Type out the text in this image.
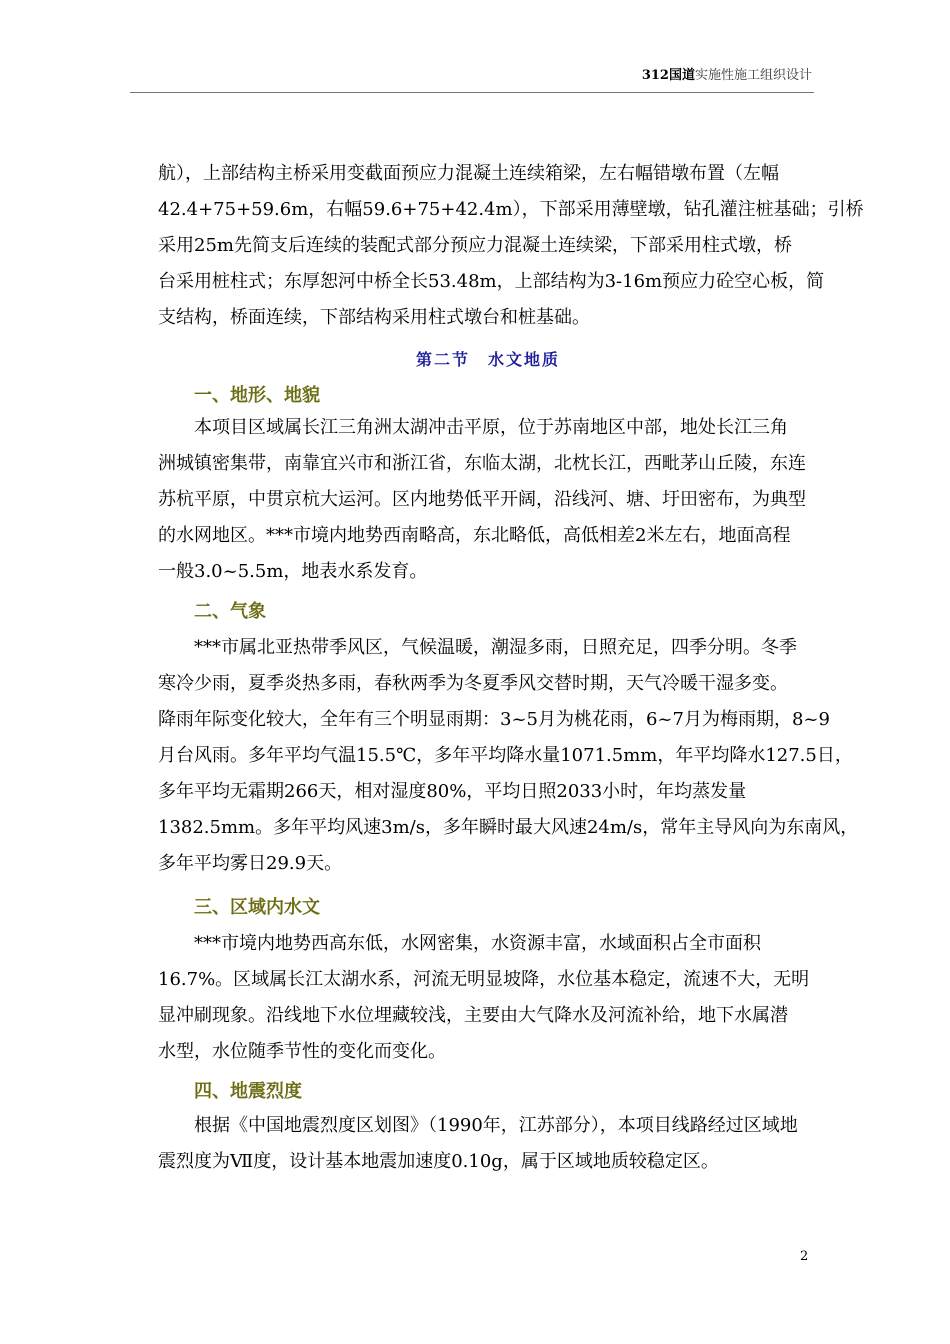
312国道实施性施工组织设计
航），上部结构主桥采用变截面预应力混凝土连续箱梁，左右幅错墩布置（左幅
42.4+75+59.6m，右幅59.6+75+42.4m），下部采用薄壁墩，钻孔灌注桩基础；引桥
采用25m先简支后连续的装配式部分预应力混凝土连续梁，下部采用柱式墩，桥
台采用桩柱式；东厚恕河中桥全长53.48m，上部结构为3-16m预应力砼空心板，简
支结构，桥面连续，下部结构采用柱式墩台和桩基础。
第二节　水文地质
一、地形、地貌
　　本项目区域属长江三角洲太湖冲击平原，位于苏南地区中部，地处长江三角
洲城镇密集带，南靠宜兴市和浙江省，东临太湖，北枕长江，西毗茅山丘陵，东连
苏杭平原，中贯京杭大运河。区内地势低平开阔，沿线河、塘、圩田密布，为典型
的水网地区。***市境内地势西南略高，东北略低，高低相差2米左右，地面高程
一般3.0~5.5m，地表水系发育。
二、气象
　　***市属北亚热带季风区，气候温暖，潮湿多雨，日照充足，四季分明。冬季
寒冷少雨，夏季炎热多雨，春秋两季为冬夏季风交替时期，天气冷暖干湿多变。
降雨年际变化较大，全年有三个明显雨期：3~5月为桃花雨，6~7月为梅雨期，8~9
月台风雨。多年平均气温15.5℃，多年平均降水量1071.5mm，年平均降水127.5日，
多年平均无霜期266天，相对湿度80%，平均日照2033小时，年均蒸发量
1382.5mm。多年平均风速3m/s，多年瞬时最大风速24m/s，常年主导风向为东南风，
多年平均雾日29.9天。
三、区域内水文
　　***市境内地势西高东低，水网密集，水资源丰富，水域面积占全市面积
16.7%。区域属长江太湖水系，河流无明显坡降，水位基本稳定，流速不大，无明
显冲刷现象。沿线地下水位埋藏较浅，主要由大气降水及河流补给，地下水属潜
水型，水位随季节性的变化而变化。
四、地震烈度
　　根据《中国地震烈度区划图》（1990年，江苏部分），本项目线路经过区域地
震烈度为Ⅶ度，设计基本地震加速度0.10g，属于区域地质较稳定区。
2
